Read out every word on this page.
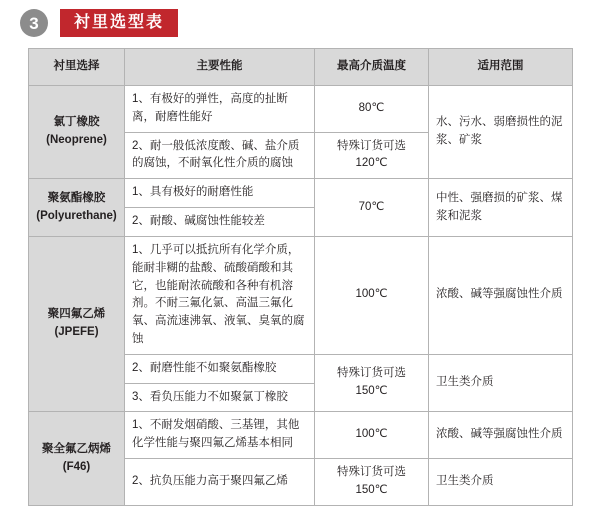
3	衬里选型表
衬里选择	主要性能	最高介质温度	适用范围

氯丁橡胶
(Neoprene)	1、有极好的弹性，高度的扯断离，耐磨性能好	80℃	水、污水、弱磨损性的泥浆、矿浆
	2、耐一般低浓度酸、碱、盐介质的腐蚀，不耐氧化性介质的腐蚀	特殊订货可选
120℃	

聚氨酯橡胶
(Polyurethane)	1、具有极好的耐磨性能	70℃	中性、强磨损的矿浆、煤浆和泥浆
	2、耐酸、碱腐蚀性能较差		

聚四氟乙烯
(JPEFE)	1、几乎可以抵抗所有化学介质，能耐非糊的盐酸、硫酸硝酸和其它，也能耐浓硫酸和各种有机溶剂。不耐三氟化氯、高温三氟化氧、高流速沸氧、液氧、臭氧的腐蚀	100℃	浓酸、碱等强腐蚀性介质
	2、耐磨性能不如聚氨酯橡胶	特殊订货可选
150℃	卫生类介质
	3、看负压能力不如聚氯丁橡胶		

聚全氟乙炳烯
(F46)	1、不耐发烟硝酸、三基锂，其他化学性能与聚四氟乙烯基本相同	100℃	浓酸、碱等强腐蚀性介质
	2、抗负压能力高于聚四氟乙烯	特殊订货可选
150℃	卫生类介质
